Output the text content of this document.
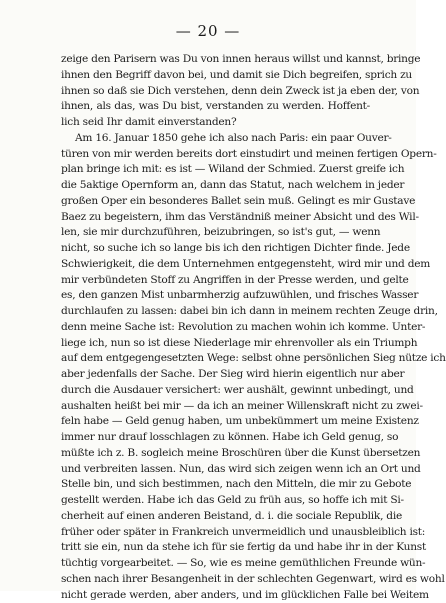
— 20 —
zeige den Parisern was Du von innen heraus willst und kannst, bringe
ihnen den Begriff davon bei, und damit sie Dich begreifen, sprich zu
ihnen so daß sie Dich verstehen, denn dein Zweck ist ja eben der, von
ihnen, als das, was Du bist, verstanden zu werden. Hoffent-
lich seid Ihr damit einverstanden?
Am 16. Januar 1850 gehe ich also nach Paris: ein paar Ouver-
türen von mir werden bereits dort einstudirt und meinen fertigen Opern-
plan bringe ich mit: es ist — Wiland der Schmied. Zuerst greife ich
die 5aktige Opernform an, dann das Statut, nach welchem in jeder
großen Oper ein besonderes Ballet sein muß. Gelingt es mir Gustave
Baez zu begeistern, ihm das Verständniß meiner Absicht und des Wil-
len, sie mir durchzuführen, beizubringen, so ist's gut, — wenn
nicht, so suche ich so lange bis ich den richtigen Dichter finde. Jede
Schwierigkeit, die dem Unternehmen entgegensteht, wird mir und dem
mir verbündeten Stoff zu Angriffen in der Presse werden, und gelte
es, den ganzen Mist unbarmherzig aufzuwühlen, und frisches Wasser
durchlaufen zu lassen: dabei bin ich dann in meinem rechten Zeuge drin,
denn meine Sache ist: Revolution zu machen wohin ich komme. Unter-
liege ich, nun so ist diese Niederlage mir ehrenvoller als ein Triumph
auf dem entgegengesetzten Wege: selbst ohne persönlichen Sieg nütze ich
aber jedenfalls der Sache. Der Sieg wird hierin eigentlich nur aber
durch die Ausdauer versichert: wer aushält, gewinnt unbedingt, und
aushalten heißt bei mir — da ich an meiner Willenskraft nicht zu zwei-
feln habe — Geld genug haben, um unbekümmert um meine Existenz
immer nur drauf losschlagen zu können. Habe ich Geld genug, so
müßte ich z. B. sogleich meine Broschüren über die Kunst übersetzen
und verbreiten lassen. Nun, das wird sich zeigen wenn ich an Ort und
Stelle bin, und sich bestimmen, nach den Mitteln, die mir zu Gebote
gestellt werden. Habe ich das Geld zu früh aus, so hoffe ich mit Si-
cherheit auf einen anderen Beistand, d. i. die sociale Republik, die
früher oder später in Frankreich unvermeidlich und unausbleiblich ist:
tritt sie ein, nun da stehe ich für sie fertig da und habe ihr in der Kunst
tüchtig vorgearbeitet. — So, wie es meine gemüthlichen Freunde wün-
schen nach ihrer Besangenheit in der schlechten Gegenwart, wird es wohl
nicht gerade werden, aber anders, und im glücklichen Falle bei Weitem
